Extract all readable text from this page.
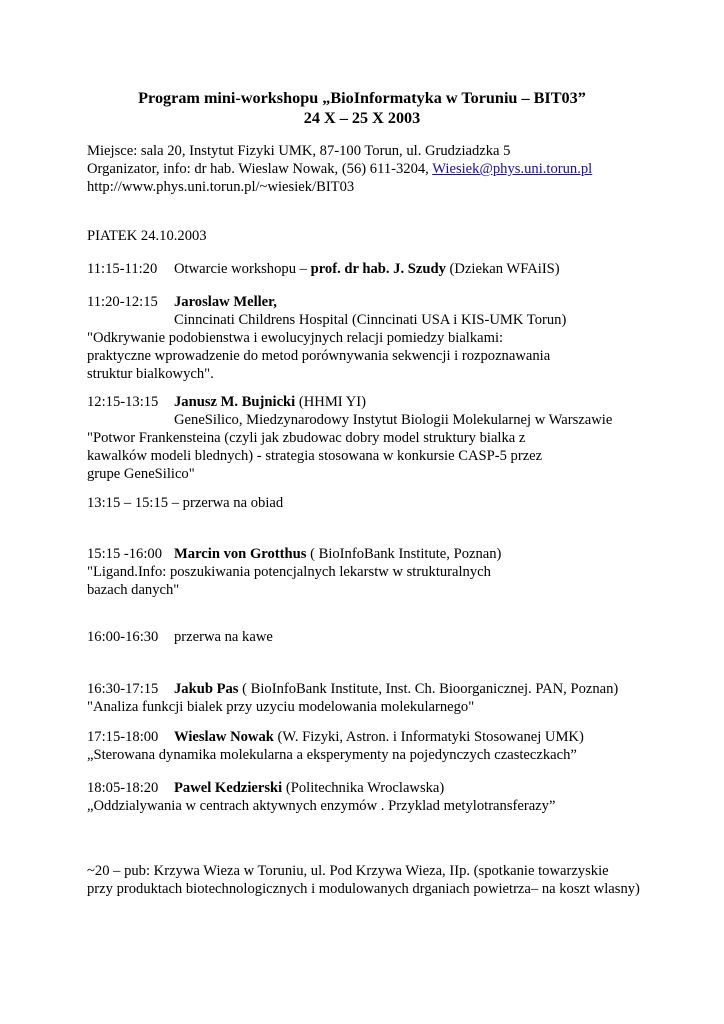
Program mini-workshopu „BioInformatyka w Toruniu – BIT03”
24 X – 25 X 2003
Miejsce: sala 20, Instytut Fizyki UMK, 87-100 Torun, ul. Grudziadzka 5
Organizator, info: dr hab. Wieslaw Nowak, (56) 611-3204, Wiesiek@phys.uni.torun.pl
http://www.phys.uni.torun.pl/~wiesiek/BIT03
PIATEK 24.10.2003
11:15-11:20 Otwarcie workshopu – prof. dr hab. J. Szudy (Dziekan WFAiIS)
11:20-12:15 Jaroslaw Meller,
Cinncinati Childrens Hospital (Cinncinati USA i KIS-UMK Torun)
"Odkrywanie podobienstwa i ewolucyjnych relacji pomiedzy bialkami:
praktyczne wprowadzenie do metod porównywania sekwencji i rozpoznawania
struktur bialkowych".
12:15-13:15 Janusz M. Bujnicki (HHMI YI)
GeneSilico, Miedzynarodowy Instytut Biologii Molekularnej w Warszawie
"Potwor Frankensteina (czyli jak zbudowac dobry model struktury bialka z
kawalków modeli blednych) - strategia stosowana w konkursie CASP-5 przez
grupe GeneSilico"
13:15 – 15:15 – przerwa na obiad
15:15 -16:00 Marcin von Grotthus ( BioInfoBank Institute, Poznan)
"Ligand.Info: poszukiwania potencjalnych lekarstw w strukturalnych
bazach danych"
16:00-16:30 przerwa na kawe
16:30-17:15 Jakub Pas ( BioInfoBank Institute, Inst. Ch. Bioorganicznej. PAN, Poznan)
"Analiza funkcji bialek przy uzyciu modelowania molekularnego"
17:15-18:00 Wieslaw Nowak (W. Fizyki, Astron. i Informatyki Stosowanej UMK)
„Sterowana dynamika molekularna a eksperymenty na pojedynczych czasteczkach”
18:05-18:20 Pawel Kedzierski (Politechnika Wroclawska)
„Oddzialywania w centrach aktywnych enzymów . Przyklad metylotransferazy”
~20 – pub: Krzywa Wieza w Toruniu, ul. Pod Krzywa Wieza, IIp. (spotkanie towarzyskie
przy produktach biotechnologicznych i modulowanych drganiach powietrza– na koszt wlasny)
